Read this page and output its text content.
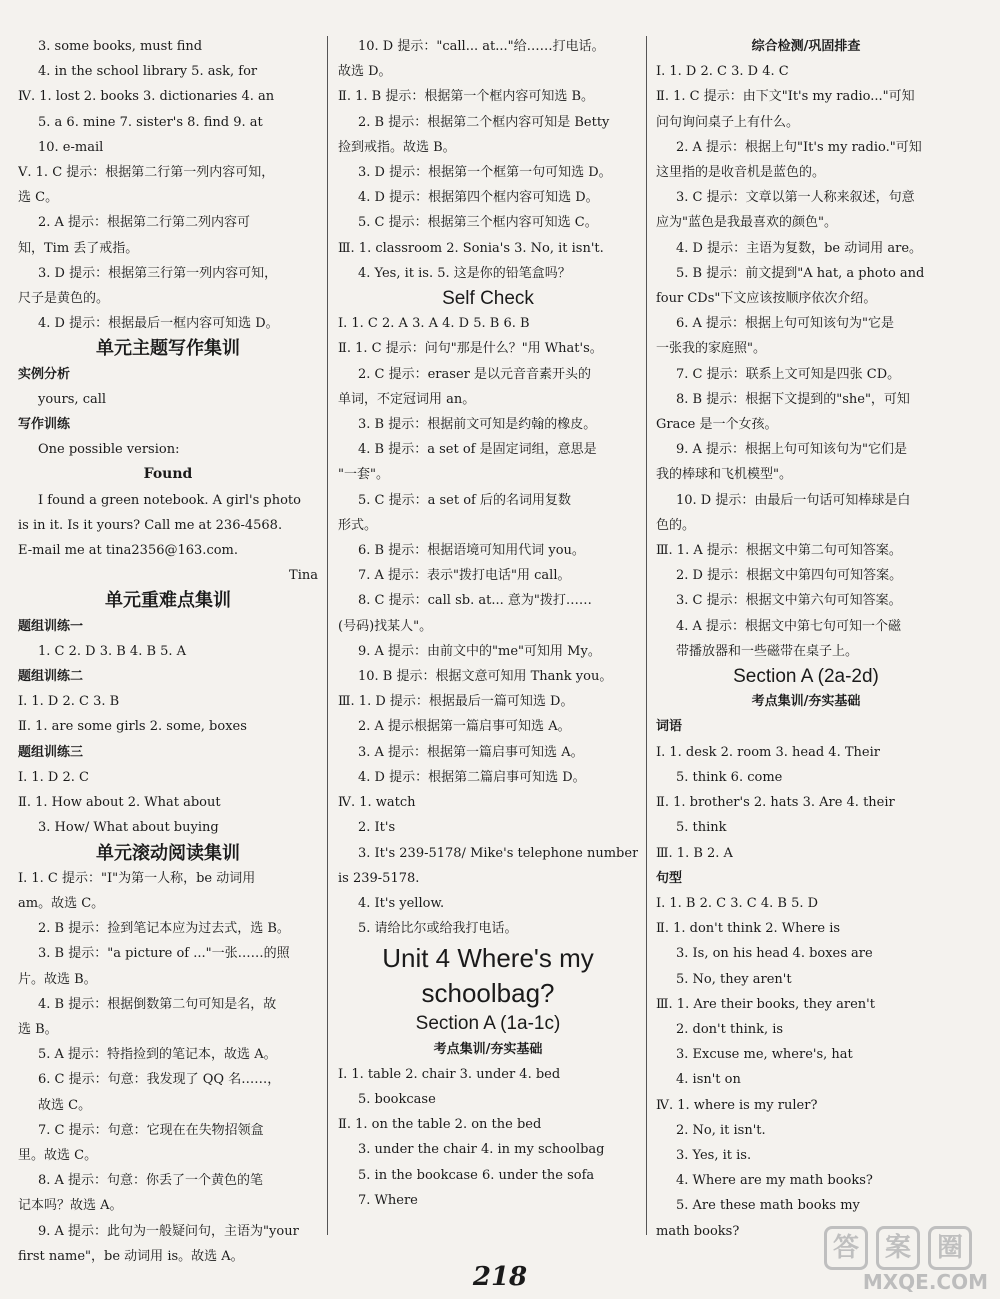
3. some books, must find
4. in the school library 5. ask, for
Ⅳ. 1. lost 2. books 3. dictionaries 4. an
5. a 6. mine 7. sister's 8. find 9. at
10. e-mail
Ⅴ. 1. C 提示：根据第二行第一列内容可知，
选 C。
2. A 提示：根据第二行第二列内容可
知，Tim 丢了戒指。
3. D 提示：根据第三行第一列内容可知，
尺子是黄色的。
4. D 提示：根据最后一框内容可知选 D。
单元主题写作集训
实例分析
yours, call
写作训练
One possible version:
Found
I found a green notebook. A girl's photo
is in it. Is it yours? Call me at 236-4568.
E-mail me at tina2356@163.com.
Tina
单元重难点集训
题组训练一
1. C 2. D 3. B 4. B 5. A
题组训练二
Ⅰ. 1. D 2. C 3. B
Ⅱ. 1. are some girls 2. some, boxes
题组训练三
Ⅰ. 1. D 2. C
Ⅱ. 1. How about 2. What about
3. How/ What about buying
单元滚动阅读集训
Ⅰ. 1. C 提示："I"为第一人称，be 动词用
am。故选 C。
2. B 提示：捡到笔记本应为过去式，选 B。
3. B 提示："a picture of ..."一张……的照
片。故选 B。
4. B 提示：根据倒数第二句可知是名，故
选 B。
5. A 提示：特指捡到的笔记本，故选 A。
6. C 提示：句意：我发现了 QQ 名……，
故选 C。
7. C 提示：句意：它现在在失物招领盒
里。故选 C。
8. A 提示：句意：你丢了一个黄色的笔
记本吗？故选 A。
9. A 提示：此句为一般疑问句，主语为"your
first name"，be 动词用 is。故选 A。
10. D 提示："call... at..."给……打电话。
故选 D。
Ⅱ. 1. B 提示：根据第一个框内容可知选 B。
2. B 提示：根据第二个框内容可知是 Betty
捡到戒指。故选 B。
3. D 提示：根据第一个框第一句可知选 D。
4. D 提示：根据第四个框内容可知选 D。
5. C 提示：根据第三个框内容可知选 C。
Ⅲ. 1. classroom 2. Sonia's 3. No, it isn't.
4. Yes, it is. 5. 这是你的铅笔盒吗？
Self Check
Ⅰ. 1. C 2. A 3. A 4. D 5. B 6. B
Ⅱ. 1. C 提示：问句"那是什么？"用 What's。
2. C 提示：eraser 是以元音音素开头的
单词，不定冠词用 an。
3. B 提示：根据前文可知是约翰的橡皮。
4. B 提示：a set of 是固定词组，意思是
"一套"。
5. C 提示：a set of 后的名词用复数
形式。
6. B 提示：根据语境可知用代词 you。
7. A 提示：表示"拨打电话"用 call。
8. C 提示：call sb. at... 意为"拨打……
(号码)找某人"。
9. A 提示：由前文中的"me"可知用 My。
10. B 提示：根据文意可知用 Thank you。
Ⅲ. 1. D 提示：根据最后一篇可知选 D。
2. A 提示根据第一篇启事可知选 A。
3. A 提示：根据第一篇启事可知选 A。
4. D 提示：根据第二篇启事可知选 D。
Ⅳ. 1. watch
2. It's
3. It's 239-5178/ Mike's telephone number
is 239-5178.
4. It's yellow.
5. 请给比尔或给我打电话。
Unit 4 Where's my
schoolbag?
Section A (1a-1c)
考点集训/夯实基础
Ⅰ. 1. table 2. chair 3. under 4. bed
5. bookcase
Ⅱ. 1. on the table 2. on the bed
3. under the chair 4. in my schoolbag
5. in the bookcase 6. under the sofa
7. Where
综合检测/巩固排查
Ⅰ. 1. D 2. C 3. D 4. C
Ⅱ. 1. C 提示：由下文"It's my radio..."可知
问句询问桌子上有什么。
2. A 提示：根据上句"It's my radio."可知
这里指的是收音机是蓝色的。
3. C 提示：文章以第一人称来叙述，句意
应为"蓝色是我最喜欢的颜色"。
4. D 提示：主语为复数，be 动词用 are。
5. B 提示：前文提到"A hat, a photo and
four CDs"下文应该按顺序依次介绍。
6. A 提示：根据上句可知该句为"它是
一张我的家庭照"。
7. C 提示：联系上文可知是四张 CD。
8. B 提示：根据下文提到的"she"，可知
Grace 是一个女孩。
9. A 提示：根据上句可知该句为"它们是
我的棒球和飞机模型"。
10. D 提示：由最后一句话可知棒球是白
色的。
Ⅲ. 1. A 提示：根据文中第二句可知答案。
2. D 提示：根据文中第四句可知答案。
3. C 提示：根据文中第六句可知答案。
4. A 提示：根据文中第七句可知一个磁
带播放器和一些磁带在桌子上。
Section A (2a-2d)
考点集训/夯实基础
词语
Ⅰ. 1. desk 2. room 3. head 4. Their
5. think 6. come
Ⅱ. 1. brother's 2. hats 3. Are 4. their
5. think
Ⅲ. 1. B 2. A
句型
Ⅰ. 1. B 2. C 3. C 4. B 5. D
Ⅱ. 1. don't think 2. Where is
3. Is, on his head 4. boxes are
5. No, they aren't
Ⅲ. 1. Are their books, they aren't
2. don't think, is
3. Excuse me, where's, hat
4. isn't on
Ⅳ. 1. where is my ruler?
2. No, it isn't.
3. Yes, it is.
4. Where are my math books?
5. Are these math books my
math books?
218
答 案 圈
MXQE.COM
